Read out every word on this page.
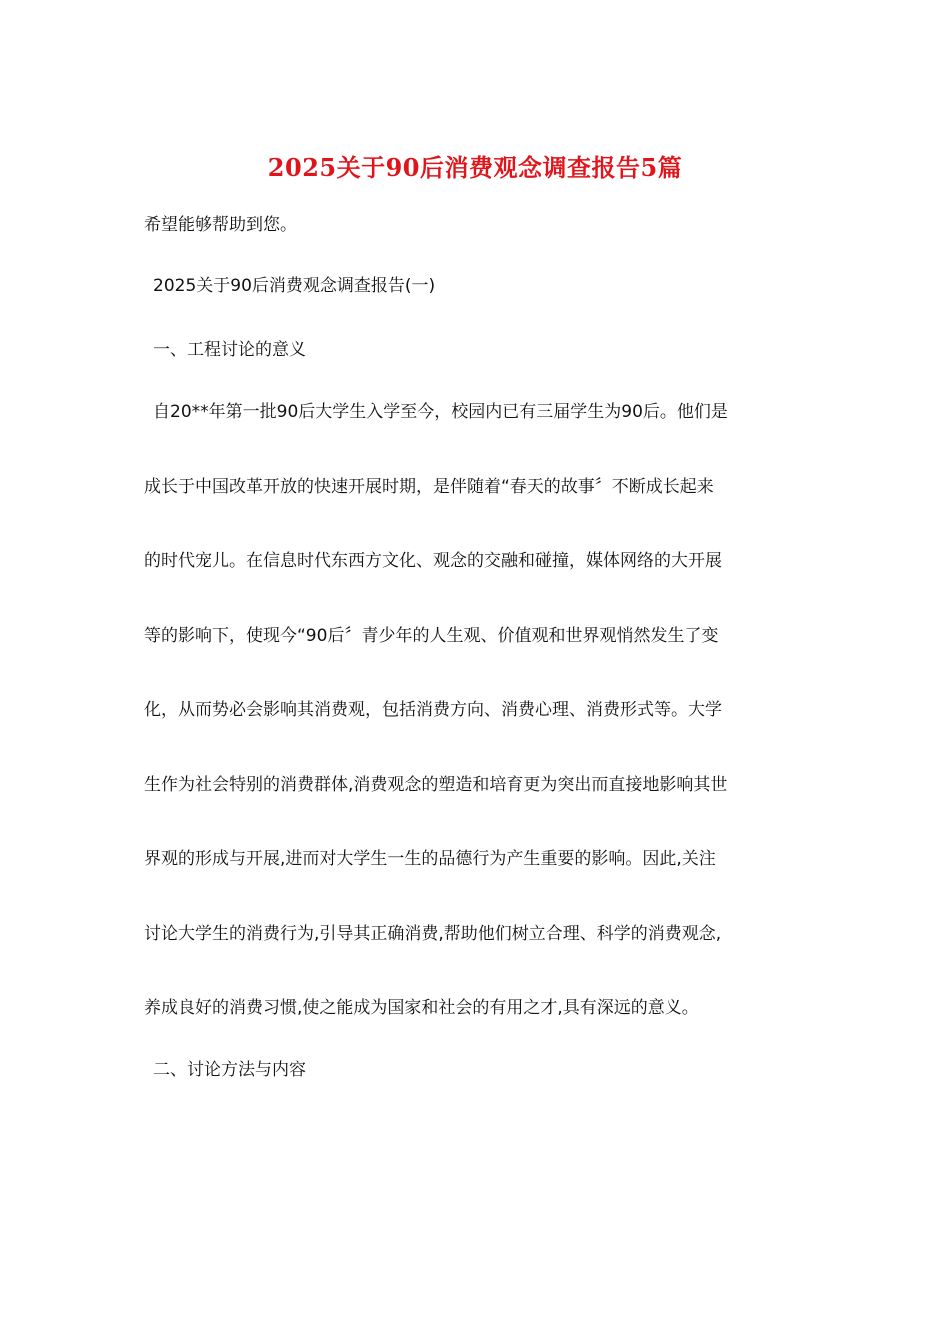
2025关于90后消费观念调查报告5篇
希望能够帮助到您。
2025关于90后消费观念调查报告(一)
一、工程讨论的意义
自20**年第一批90后大学生入学至今，校园内已有三届学生为90后。他们是
成长于中国改革开放的快速开展时期，是伴随着“春天的故事〞不断成长起来
的时代宠儿。在信息时代东西方文化、观念的交融和碰撞，媒体网络的大开展
等的影响下，使现今“90后〞青少年的人生观、价值观和世界观悄然发生了变
化，从而势必会影响其消费观，包括消费方向、消费心理、消费形式等。大学
生作为社会特别的消费群体,消费观念的塑造和培育更为突出而直接地影响其世
界观的形成与开展,进而对大学生一生的品德行为产生重要的影响。因此,关注
讨论大学生的消费行为,引导其正确消费,帮助他们树立合理、科学的消费观念,
养成良好的消费习惯,使之能成为国家和社会的有用之才,具有深远的意义。
二、讨论方法与内容
